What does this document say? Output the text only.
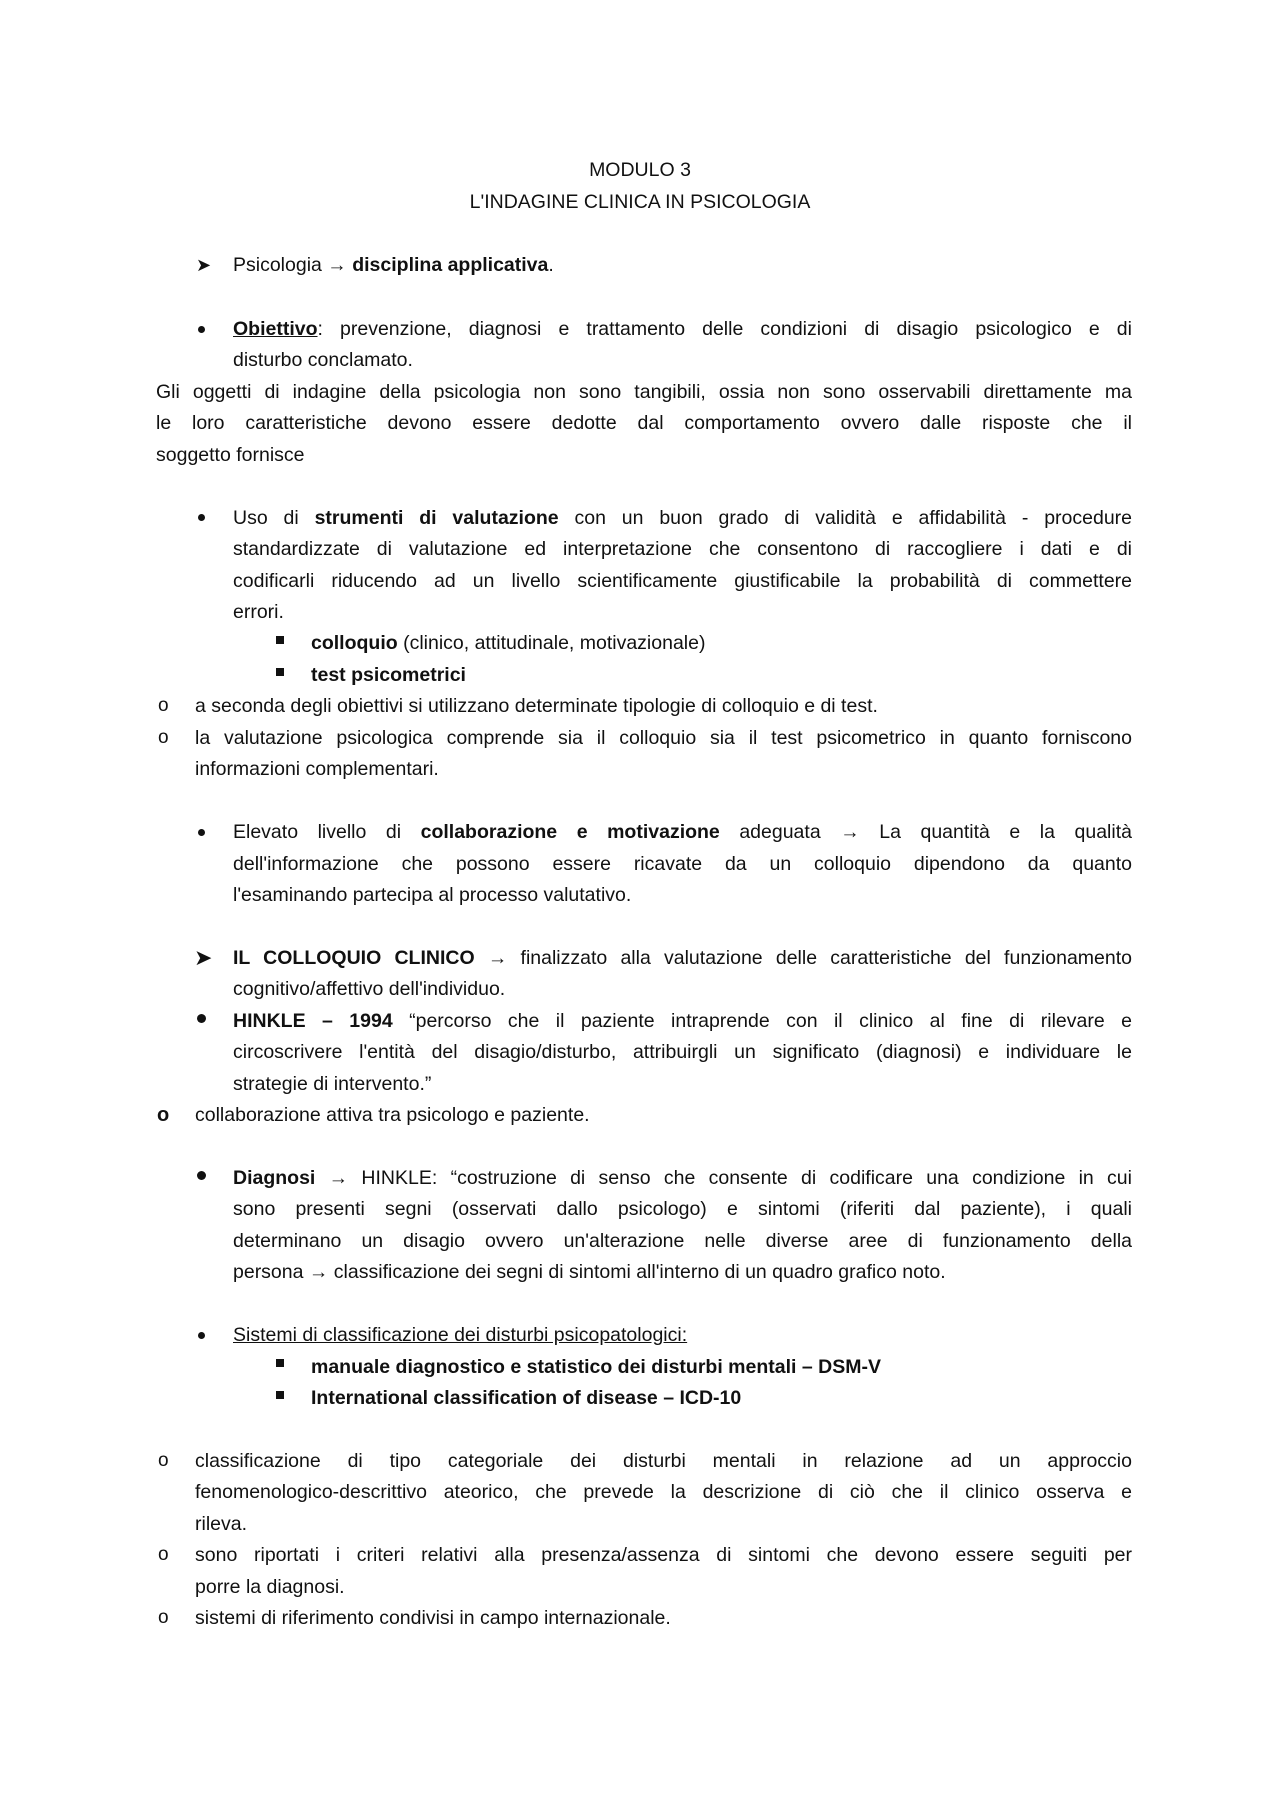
MODULO 3
L'INDAGINE CLINICA IN PSICOLOGIA
➤ Psicologia → disciplina applicativa.
Obiettivo: prevenzione, diagnosi e trattamento delle condizioni di disagio psicologico e di
disturbo conclamato.
Gli oggetti di indagine della psicologia non sono tangibili, ossia non sono osservabili direttamente ma
le loro caratteristiche devono essere dedotte dal comportamento ovvero dalle risposte che il
soggetto fornisce
Uso di strumenti di valutazione con un buon grado di validità e affidabilità - procedure
standardizzate di valutazione ed interpretazione che consentono di raccogliere i dati e di
codificarli riducendo ad un livello scientificamente giustificabile la probabilità di commettere
errori.
colloquio (clinico, attitudinale, motivazionale)
test psicometrici
o a seconda degli obiettivi si utilizzano determinate tipologie di colloquio e di test.
o la valutazione psicologica comprende sia il colloquio sia il test psicometrico in quanto forniscono
informazioni complementari.
Elevato livello di collaborazione e motivazione adeguata → La quantità e la qualità
dell'informazione che possono essere ricavate da un colloquio dipendono da quanto
l'esaminando partecipa al processo valutativo.
➤ IL COLLOQUIO CLINICO → finalizzato alla valutazione delle caratteristiche del funzionamento
cognitivo/affettivo dell'individuo.
HINKLE – 1994 “percorso che il paziente intraprende con il clinico al fine di rilevare e
circoscrivere l'entità del disagio/disturbo, attribuirgli un significato (diagnosi) e individuare le
strategie di intervento.”
o collaborazione attiva tra psicologo e paziente.
Diagnosi → HINKLE: “costruzione di senso che consente di codificare una condizione in cui
sono presenti segni (osservati dallo psicologo) e sintomi (riferiti dal paziente), i quali
determinano un disagio ovvero un'alterazione nelle diverse aree di funzionamento della
persona → classificazione dei segni di sintomi all'interno di un quadro grafico noto.
Sistemi di classificazione dei disturbi psicopatologici:
manuale diagnostico e statistico dei disturbi mentali – DSM-V
International classification of disease – ICD-10
o classificazione di tipo categoriale dei disturbi mentali in relazione ad un approccio
fenomenologico-descrittivo ateorico, che prevede la descrizione di ciò che il clinico osserva e
rileva.
o sono riportati i criteri relativi alla presenza/assenza di sintomi che devono essere seguiti per
porre la diagnosi.
o sistemi di riferimento condivisi in campo internazionale.
